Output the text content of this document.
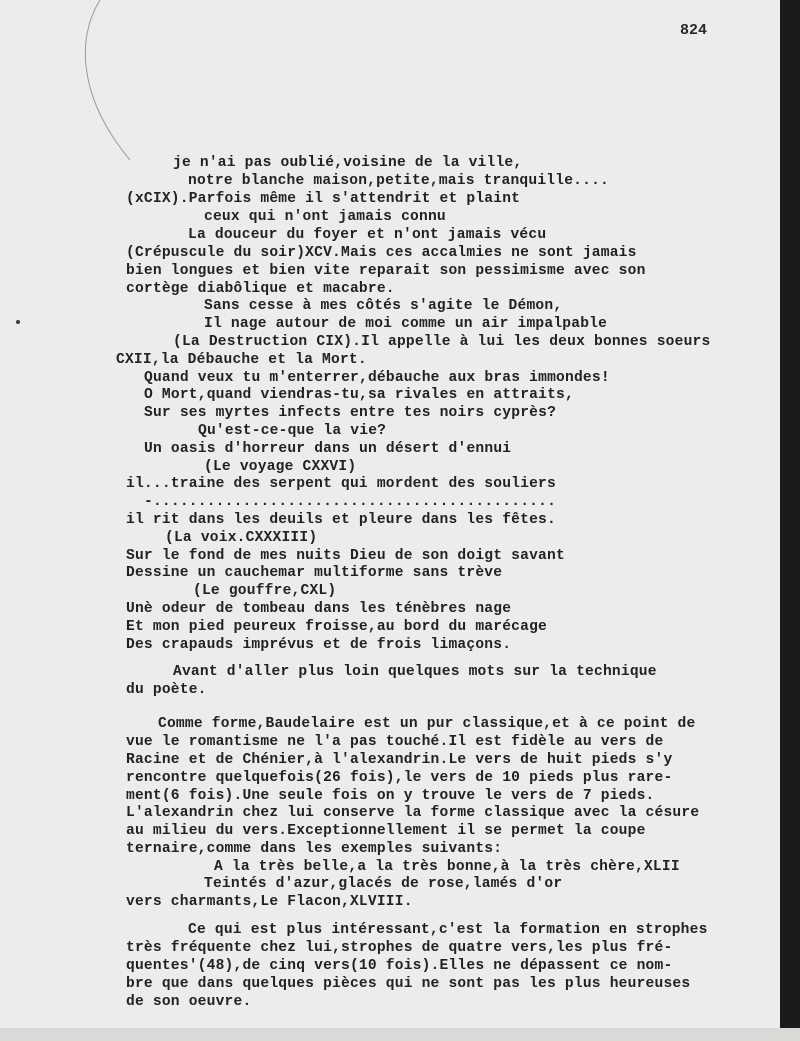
824
je n'ai pas oublié,voisine de la ville,
notre blanche maison,petite,mais tranquille....
(xCIX).Parfois même il s'attendrit et plaint
ceux qui n'ont jamais connu
La douceur du foyer et n'ont jamais vécu
(Crépuscule du soir)XCV.Mais ces accalmies ne sont jamais
bien longues et bien vite reparait son pessimisme avec son
cortège diabôlique et macabre.
Sans cesse à mes côtés s'agite le Démon,
Il nage autour de moi comme un air impalpable
(La Destruction CIX).Il appelle à lui les deux bonnes soeurs
CXII,la Débauche et la Mort.
Quand veux tu m'enterrer,débauche aux bras immondes!
O Mort,quand viendras-tu,sa rivales en attraits,
Sur ses myrtes infects entre tes noirs cyprès?
Qu'est-ce-que la vie?
Un oasis d'horreur dans un désert d'ennui
(Le voyage CXXVI)
il...traine des serpent qui mordent des souliers
-.............................................
il rit dans les deuils et pleure dans les fêtes.
(La voix.CXXXIII)
Sur le fond de mes nuits Dieu de son doigt savant
Dessine un cauchemar multiforme sans trève
(Le gouffre,CXL)
Unè odeur de tombeau dans les ténèbres nage
Et mon pied peureux froisse,au bord du marécage
Des crapauds imprévus et de frois limaçons.
Avant d'aller plus loin quelques mots sur la technique
du poète.
Comme forme,Baudelaire est un pur classique,et à ce point de
vue le romantisme ne l'a pas touché.Il est fidèle au vers de
Racine et de Chénier,à l'alexandrin.Le vers de huit pieds s'y
rencontre quelquefois(26 fois),le vers de 10 pieds plus rare-
ment(6 fois).Une seule fois on y trouve le vers de 7 pieds.
L'alexandrin chez lui conserve la forme classique avec la césure
au milieu du vers.Exceptionnellement il se permet la coupe
ternaire,comme dans les exemples suivants:
A la très belle,a la très bonne,à la très chère,XLII
Teintés d'azur,glacés de rose,lamés d'or
vers charmants,Le Flacon,XLVIII.
Ce qui est plus intéressant,c'est la formation en strophes
très fréquente chez lui,strophes de quatre vers,les plus fré-
quentes'(48),de cinq vers(10 fois).Elles ne dépassent ce nom-
bre que dans quelques pièces qui ne sont pas les plus heureuses
de son oeuvre.
